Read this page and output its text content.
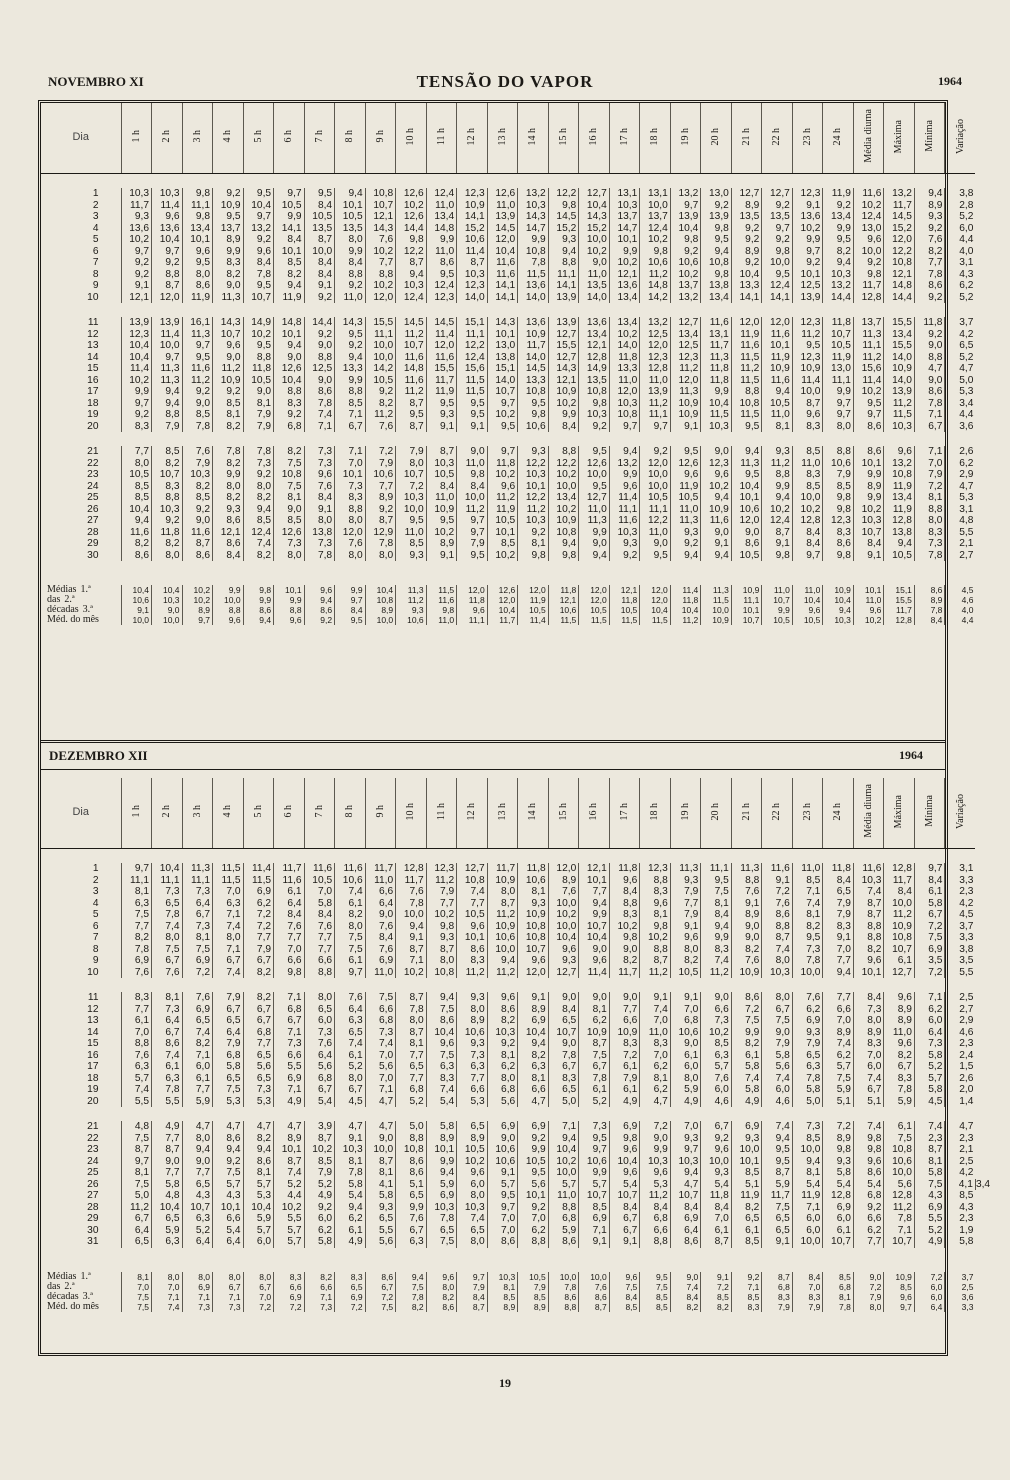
NOVEMBRO XI	TENSÃO DO VAPOR	1964
Dia	1 h	2 h	3 h	4 h	5 h	6 h	7 h	8 h	9 h	10 h	11 h	12 h	13 h	14 h	15 h	16 h	17 h	18 h	19 h	20 h	21 h	22 h	23 h	24 h	Média diurna	Máxima	Mínima	Variação

1	10,3	10,3	9,8	9,2	9,5	9,7	9,5	9,4	10,8	12,6	12,4	12,3	12,6	13,2	12,2	12,7	13,1	13,1	13,2	13,0	12,7	12,7	12,3	11,9	11,6	13,2	9,4	3,8
2	11,7	11,4	11,1	10,9	10,4	10,5	8,4	10,1	10,7	10,2	11,0	10,9	11,0	10,3	9,8	10,4	10,3	10,0	9,7	9,2	8,9	9,2	9,1	9,2	10,2	11,7	8,9	2,8
3	9,3	9,6	9,8	9,5	9,7	9,9	10,5	10,5	12,1	12,6	13,4	14,1	13,9	14,3	14,5	14,3	13,7	13,7	13,9	13,9	13,5	13,5	13,6	13,4	12,4	14,5	9,3	5,2
4	13,6	13,6	13,4	13,7	13,2	14,1	13,5	13,5	14,3	14,4	14,8	15,2	14,5	14,7	15,2	15,2	14,7	12,4	10,4	9,8	9,2	9,7	10,2	9,9	13,0	15,2	9,2	6,0
5	10,2	10,4	10,1	8,9	9,2	8,4	8,7	8,0	7,6	9,8	9,9	10,6	12,0	9,9	9,3	10,0	10,1	10,2	9,8	9,5	9,2	9,2	9,9	9,5	9,6	12,0	7,6	4,4
6	9,7	9,7	9,6	9,9	9,6	10,1	10,0	9,9	10,2	12,2	11,0	11,4	10,4	10,8	9,4	10,2	9,9	9,8	9,2	9,4	8,9	9,8	9,7	8,2	10,0	12,2	8,2	4,0
7	9,2	9,2	9,5	8,3	8,4	8,5	8,4	8,4	7,7	8,7	8,6	8,7	11,6	7,8	8,8	9,0	10,2	10,6	10,6	10,8	9,2	10,0	9,2	9,4	9,2	10,8	7,7	3,1
8	9,2	8,8	8,0	8,2	7,8	8,2	8,4	8,8	8,8	9,4	9,5	10,3	11,6	11,5	11,1	11,0	12,1	11,2	10,2	9,8	10,4	9,5	10,1	10,3	9,8	12,1	7,8	4,3
9	9,1	8,7	8,6	9,0	9,5	9,4	9,1	9,2	10,2	10,3	12,4	12,3	14,1	13,6	14,1	13,5	13,6	14,8	13,7	13,8	13,3	12,4	12,5	13,2	11,7	14,8	8,6	6,2
10	12,1	12,0	11,9	11,3	10,7	11,9	9,2	11,0	12,0	12,4	12,3	14,0	14,1	14,0	13,9	14,0	13,4	14,2	13,2	13,4	14,1	14,1	13,9	14,4	12,8	14,4	9,2	5,2

11	13,9	13,9	16,1	14,3	14,9	14,8	14,4	14,3	15,5	14,5	14,5	15,1	14,3	13,6	13,9	13,6	13,4	13,2	12,7	11,6	12,0	12,0	12,3	11,8	13,7	15,5	11,8	3,7
12	12,3	11,4	11,3	10,7	10,2	10,1	9,2	9,5	11,1	11,2	11,4	11,1	10,1	10,9	12,7	13,4	10,2	12,5	13,4	13,1	11,9	11,6	11,2	10,7	11,3	13,4	9,2	4,2
13	10,4	10,0	9,7	9,6	9,5	9,4	9,0	9,2	10,0	10,7	12,0	12,2	13,0	11,7	15,5	12,1	14,0	12,0	12,5	11,7	11,6	10,1	9,5	10,5	11,1	15,5	9,0	6,5
14	10,4	9,7	9,5	9,0	8,8	9,0	8,8	9,4	10,0	11,6	11,6	12,4	13,8	14,0	12,7	12,8	11,8	12,3	12,3	11,3	11,5	11,9	12,3	11,9	11,2	14,0	8,8	5,2
15	11,4	11,3	11,6	11,2	11,8	12,6	12,5	13,3	14,2	14,8	15,5	15,6	15,1	14,5	14,3	14,9	13,3	12,8	11,2	11,8	11,2	10,9	10,9	13,0	15,6	10,9	4,7	4,7
16	10,2	11,3	11,2	10,9	10,5	10,4	9,0	9,9	10,5	11,6	11,7	11,5	14,0	13,3	12,1	13,5	11,0	11,0	12,0	11,8	11,5	11,6	11,4	11,1	11,4	14,0	9,0	5,0
17	9,9	9,4	9,2	9,2	9,0	8,8	8,6	8,8	9,2	11,2	11,9	11,5	10,7	10,8	10,9	10,8	12,0	13,9	11,3	9,9	8,8	9,4	10,0	9,9	10,2	13,9	8,6	5,3
18	9,7	9,4	9,0	8,5	8,1	8,3	7,8	8,5	8,2	8,7	9,5	9,5	9,7	9,5	10,2	9,8	10,3	11,2	10,9	10,4	10,8	10,5	8,7	9,7	9,5	11,2	7,8	3,4
19	9,2	8,8	8,5	8,1	7,9	9,2	7,4	7,1	11,2	9,5	9,3	9,5	10,2	9,8	9,9	10,3	10,8	11,1	10,9	11,5	11,5	11,0	9,6	9,7	9,7	11,5	7,1	4,4
20	8,3	7,9	7,8	8,2	7,9	6,8	7,1	6,7	7,6	8,7	9,1	9,1	9,5	10,6	8,4	9,2	9,7	9,7	9,1	10,3	9,5	8,1	8,3	8,0	8,6	10,3	6,7	3,6

21	7,7	8,5	7,6	7,8	7,8	8,2	7,3	7,1	7,2	7,9	8,7	9,0	9,7	9,3	8,8	9,5	9,4	9,2	9,5	9,0	9,4	9,3	8,5	8,8	8,6	9,6	7,1	2,6
22	8,0	8,2	7,9	8,2	7,3	7,5	7,3	7,0	7,9	8,0	10,3	11,0	11,8	12,2	12,2	12,6	13,2	12,0	12,6	12,3	11,3	11,2	11,0	10,6	10,1	13,2	7,0	6,2
23	10,5	10,7	10,3	9,9	9,2	10,8	9,6	10,1	10,6	10,7	10,5	9,8	10,2	10,3	10,2	10,0	9,9	10,0	9,6	9,6	9,5	8,8	8,3	7,9	9,9	10,8	7,9	2,9
24	8,5	8,3	8,2	8,0	8,0	7,5	7,6	7,3	7,7	7,2	8,4	8,4	9,6	10,1	10,0	9,5	9,6	10,0	11,9	10,2	10,4	9,9	8,5	8,5	8,9	11,9	7,2	4,7
25	8,5	8,8	8,5	8,2	8,2	8,1	8,4	8,3	8,9	10,3	11,0	10,0	11,2	12,2	13,4	12,7	11,4	10,5	10,5	9,4	10,1	9,4	10,0	9,8	9,9	13,4	8,1	5,3
26	10,4	10,3	9,2	9,3	9,4	9,0	9,1	8,8	9,2	10,0	10,9	11,2	11,9	11,2	10,2	11,0	11,1	11,1	11,0	10,9	10,6	10,2	10,2	9,8	10,2	11,9	8,8	3,1
27	9,4	9,2	9,0	8,6	8,5	8,5	8,0	8,0	8,7	9,5	9,5	9,7	10,5	10,3	10,9	11,3	11,6	12,2	11,3	11,6	12,0	12,4	12,8	12,3	10,3	12,8	8,0	4,8
28	11,6	11,8	11,6	12,1	12,4	12,6	13,8	12,0	12,9	11,0	10,2	9,7	10,1	9,2	10,8	9,9	10,3	11,0	9,3	9,0	9,0	8,7	8,4	8,3	10,7	13,8	8,3	5,5
29	8,2	8,2	8,7	8,6	7,4	7,3	7,3	7,6	7,8	8,5	8,9	7,9	8,5	8,1	9,4	9,0	9,3	9,0	9,2	9,1	8,6	9,1	8,4	8,6	8,4	9,4	7,3	2,1
30	8,6	8,0	8,6	8,4	8,2	8,0	7,8	8,0	8,0	9,3	9,1	9,5	10,2	9,8	9,8	9,4	9,2	9,5	9,4	9,4	10,5	9,8	9,7	9,8	9,1	10,5	7,8	2,7

Médias 1.ª	10,4	10,4	10,2	9,9	9,8	10,1	9,6	9,9	10,4	11,3	11,5	12,0	12,6	12,0	11,8	12,0	12,1	12,0	11,4	11,3	10,9	11,0	11,0	10,9	10,1	15,1	8,6	4,5
das 2.ª	10,6	10,3	10,2	10,0	9,9	9,9	9,4	9,7	10,8	11,2	11,6	11,8	12,0	11,9	12,1	12,0	11,8	12,0	11,8	11,5	11,1	10,7	10,4	10,4	11,0	15,5	8,9	4,6
décadas 3.ª	9,1	9,0	8,9	8,8	8,6	8,8	8,6	8,4	8,9	9,3	9,8	9,6	10,4	10,5	10,6	10,5	10,5	10,4	10,4	10,0	10,1	9,9	9,6	9,4	9,6	11,7	7,8	4,0
Méd. do mês	10,0	10,0	9,7	9,6	9,4	9,6	9,2	9,5	10,0	10,6	11,0	11,1	11,7	11,4	11,5	11,5	11,5	11,5	11,2	10,9	10,7	10,5	10,5	10,3	10,2	12,8	8,4	4,4
DEZEMBRO XII	1964
Dia	1 h	2 h	3 h	4 h	5 h	6 h	7 h	8 h	9 h	10 h	11 h	12 h	13 h	14 h	15 h	16 h	17 h	18 h	19 h	20 h	21 h	22 h	23 h	24 h	Média diurna	Máxima	Mínima	Variação	

1	9,7	10,4	11,3	11,5	11,4	11,7	11,6	11,6	11,7	12,8	12,3	12,7	11,7	11,8	12,0	12,1	11,8	12,3	11,3	11,1	11,3	11,6	11,0	11,8	11,6	12,8	9,7	3,1	
2	11,1	11,1	11,1	11,5	11,5	11,6	10,5	10,6	11,0	11,7	11,2	10,8	10,9	10,6	8,9	10,1	9,6	8,8	9,3	9,5	8,8	9,1	8,5	8,4	10,3	11,7	8,4	3,3	
3	8,1	7,3	7,3	7,0	6,9	6,1	7,0	7,4	6,6	7,6	7,9	7,4	8,0	8,1	7,6	7,7	8,4	8,3	7,9	7,5	7,6	7,2	7,1	6,5	7,4	8,4	6,1	2,3	
4	6,3	6,5	6,4	6,3	6,2	6,4	5,8	6,1	6,4	7,8	7,7	7,7	8,7	9,3	10,0	9,4	8,8	9,6	7,7	8,1	9,1	7,6	7,4	7,9	8,7	10,0	5,8	4,2	
5	7,5	7,8	6,7	7,1	7,2	8,4	8,4	8,2	9,0	10,0	10,2	10,5	11,2	10,9	10,2	9,9	8,3	8,1	7,9	8,4	8,9	8,6	8,1	7,9	8,7	11,2	6,7	4,5	
6	7,7	7,4	7,3	7,4	7,2	7,6	7,6	8,0	7,6	9,4	9,8	9,6	10,9	10,8	10,0	10,7	10,2	9,8	9,1	9,4	9,0	8,8	8,2	8,3	8,8	10,9	7,2	3,7	
7	8,2	8,0	8,1	8,0	7,7	7,7	7,7	7,5	8,4	9,1	9,3	10,1	10,6	10,8	10,4	10,4	9,8	10,2	9,6	9,9	9,0	8,7	9,5	9,1	8,8	10,8	7,5	3,3	
8	7,8	7,5	7,5	7,1	7,9	7,0	7,7	7,5	7,6	8,7	8,7	8,6	10,0	10,7	9,6	9,0	9,0	8,8	8,0	8,3	8,2	7,4	7,3	7,0	8,2	10,7	6,9	3,8	
9	6,9	6,7	6,9	6,7	6,7	6,6	6,6	6,1	6,9	7,1	8,0	8,3	9,4	9,6	9,3	9,6	8,2	8,7	8,2	7,4	7,6	8,0	7,8	7,7	9,6	6,1	3,5	3,5	
10	7,6	7,6	7,2	7,4	8,2	9,8	8,8	9,7	11,0	10,2	10,8	11,2	11,2	12,0	12,7	11,4	11,7	11,2	10,5	11,2	10,9	10,3	10,0	9,4	10,1	12,7	7,2	5,5	

11	8,3	8,1	7,6	7,9	8,2	7,1	8,0	7,6	7,5	8,7	9,4	9,3	9,6	9,1	9,0	9,0	9,0	9,1	9,1	9,0	8,6	8,0	7,6	7,7	8,4	9,6	7,1	2,5	
12	7,7	7,3	6,9	6,7	6,7	6,8	6,5	6,4	6,6	7,8	7,5	8,0	8,6	8,9	8,4	8,1	7,7	7,4	7,0	6,6	7,2	6,7	6,2	6,6	7,3	8,9	6,2	2,7	
13	6,1	6,4	6,5	6,5	6,7	6,7	6,0	6,3	6,8	8,0	8,6	8,9	8,2	6,9	6,5	6,2	6,6	7,0	6,8	7,3	7,5	7,5	6,9	7,0	8,0	8,9	6,0	2,9	
14	7,0	6,7	7,4	6,4	6,8	7,1	7,3	6,5	7,3	8,7	10,4	10,6	10,3	10,4	10,7	10,9	10,9	11,0	10,6	10,2	9,9	9,0	9,3	8,9	8,9	11,0	6,4	4,6	
15	8,8	8,6	8,2	7,9	7,7	7,3	7,6	7,4	7,4	8,1	9,6	9,3	9,2	9,4	9,0	8,7	8,3	8,3	9,0	8,5	8,2	7,9	7,9	7,4	8,3	9,6	7,3	2,3	
16	7,6	7,4	7,1	6,8	6,5	6,6	6,4	6,1	7,0	7,7	7,5	7,3	8,1	8,2	7,8	7,5	7,2	7,0	6,1	6,3	6,1	5,8	6,5	6,2	7,0	8,2	5,8	2,4	
17	6,3	6,1	6,0	5,8	5,6	5,5	5,6	5,2	5,6	6,5	6,3	6,3	6,2	6,3	6,7	6,7	6,1	6,2	6,0	5,7	5,8	5,6	6,3	5,7	6,0	6,7	5,2	1,5	
18	5,7	6,3	6,1	6,5	6,5	6,9	6,8	8,0	7,0	7,7	8,3	7,7	8,0	8,1	8,3	7,8	7,9	8,1	8,0	7,6	7,4	7,4	7,8	7,5	7,4	8,3	5,7	2,6	
19	7,4	7,8	7,7	7,5	7,3	7,1	6,7	6,7	7,1	6,8	7,4	6,6	6,8	6,6	6,5	6,1	6,1	6,2	5,9	6,0	5,8	6,0	5,8	5,9	6,7	7,8	5,8	2,0	
20	5,5	5,5	5,9	5,3	5,3	4,9	5,4	4,5	4,7	5,2	5,4	5,3	5,6	4,7	5,0	5,2	4,9	4,7	4,9	4,6	4,9	4,6	5,0	5,1	5,1	5,9	4,5	1,4	

21	4,8	4,9	4,7	4,7	4,7	4,7	3,9	4,7	4,7	5,0	5,8	6,5	6,9	6,9	7,1	7,3	6,9	7,2	7,0	6,7	6,9	7,4	7,3	7,2	7,4	6,1	7,4	4,7	
22	7,5	7,7	8,0	8,6	8,2	8,9	8,7	9,1	9,0	8,8	8,9	8,9	9,0	9,2	9,4	9,5	9,8	9,0	9,3	9,2	9,3	9,4	8,5	8,9	9,8	7,5	2,3	2,3	
23	8,7	8,7	9,4	9,4	9,4	10,1	10,2	10,3	10,0	10,8	10,1	10,5	10,6	9,9	10,4	9,7	9,6	9,9	9,7	9,6	10,0	9,5	10,0	9,8	9,8	10,8	8,7	2,1	
24	9,7	9,0	9,0	9,2	8,6	8,7	8,5	8,1	8,7	8,6	9,9	10,2	10,6	10,5	10,2	10,6	10,4	10,3	10,3	10,0	10,1	9,5	9,4	9,3	9,6	10,6	8,1	2,5	
25	8,1	7,7	7,7	7,5	8,1	7,4	7,9	7,8	8,1	8,6	9,4	9,6	9,1	9,5	10,0	9,9	9,6	9,6	9,4	9,3	8,5	8,7	8,1	5,8	8,6	10,0	5,8	4,2	
26	7,5	5,8	6,5	5,7	5,7	5,2	5,2	5,8	4,1	5,1	5,9	6,0	5,7	5,6	5,7	5,7	5,4	5,3	4,7	5,4	5,1	5,9	5,4	5,4	5,4	5,6	7,5	4,1	3,4
27	5,0	4,8	4,3	4,3	5,3	4,4	4,9	5,4	5,8	6,5	6,9	8,0	9,5	10,1	11,0	10,7	10,7	11,2	10,7	11,8	11,9	11,7	11,9	12,8	6,8	12,8	4,3	8,5	
28	11,2	10,4	10,7	10,1	10,4	10,2	9,2	9,4	9,3	9,9	10,3	10,3	9,7	9,2	8,8	8,5	8,4	8,4	8,4	8,4	8,2	7,5	7,1	6,9	9,2	11,2	6,9	4,3	
29	6,7	6,5	6,3	6,6	5,9	5,5	6,0	6,2	6,5	7,6	7,8	7,4	7,0	7,0	6,8	6,9	6,7	6,8	6,9	7,0	6,5	6,5	6,0	6,0	6,6	7,8	5,5	2,3	
30	6,4	5,9	5,2	5,4	5,7	5,7	6,2	6,1	5,5	6,7	6,5	6,5	7,0	6,2	5,9	7,1	6,7	6,6	6,4	6,1	6,1	6,5	6,0	6,1	6,2	7,1	5,2	1,9	
31	6,5	6,3	6,4	6,4	6,0	5,7	5,8	4,9	5,6	6,3	7,5	8,0	8,6	8,8	8,6	9,1	9,1	8,8	8,6	8,7	8,5	9,1	10,0	10,7	7,7	10,7	4,9	5,8	

Médias 1.ª	8,1	8,0	8,0	8,0	8,0	8,3	8,2	8,3	8,6	9,4	9,6	9,7	10,3	10,5	10,0	10,0	9,6	9,5	9,0	9,1	9,2	8,7	8,4	8,5	9,0	10,9	7,2	3,7	
das 2.ª	7,0	7,0	6,9	6,7	6,7	6,6	6,6	6,5	6,7	7,5	8,0	7,9	8,1	7,9	7,8	7,6	7,5	7,5	7,4	7,2	7,1	6,8	7,0	6,8	7,2	8,5	6,0	2,5	
décadas 3.ª	7,5	7,1	7,1	7,1	7,0	6,9	7,1	6,9	7,2	7,8	8,2	8,4	8,5	8,5	8,6	8,6	8,4	8,5	8,4	8,5	8,5	8,3	8,3	8,1	7,9	9,6	6,0	3,6	
Méd. do mês	7,5	7,4	7,3	7,3	7,2	7,2	7,3	7,2	7,5	8,2	8,6	8,7	8,9	8,9	8,8	8,7	8,5	8,5	8,2	8,2	8,3	7,9	7,9	7,8	8,0	9,7	6,4	3,3	
19
